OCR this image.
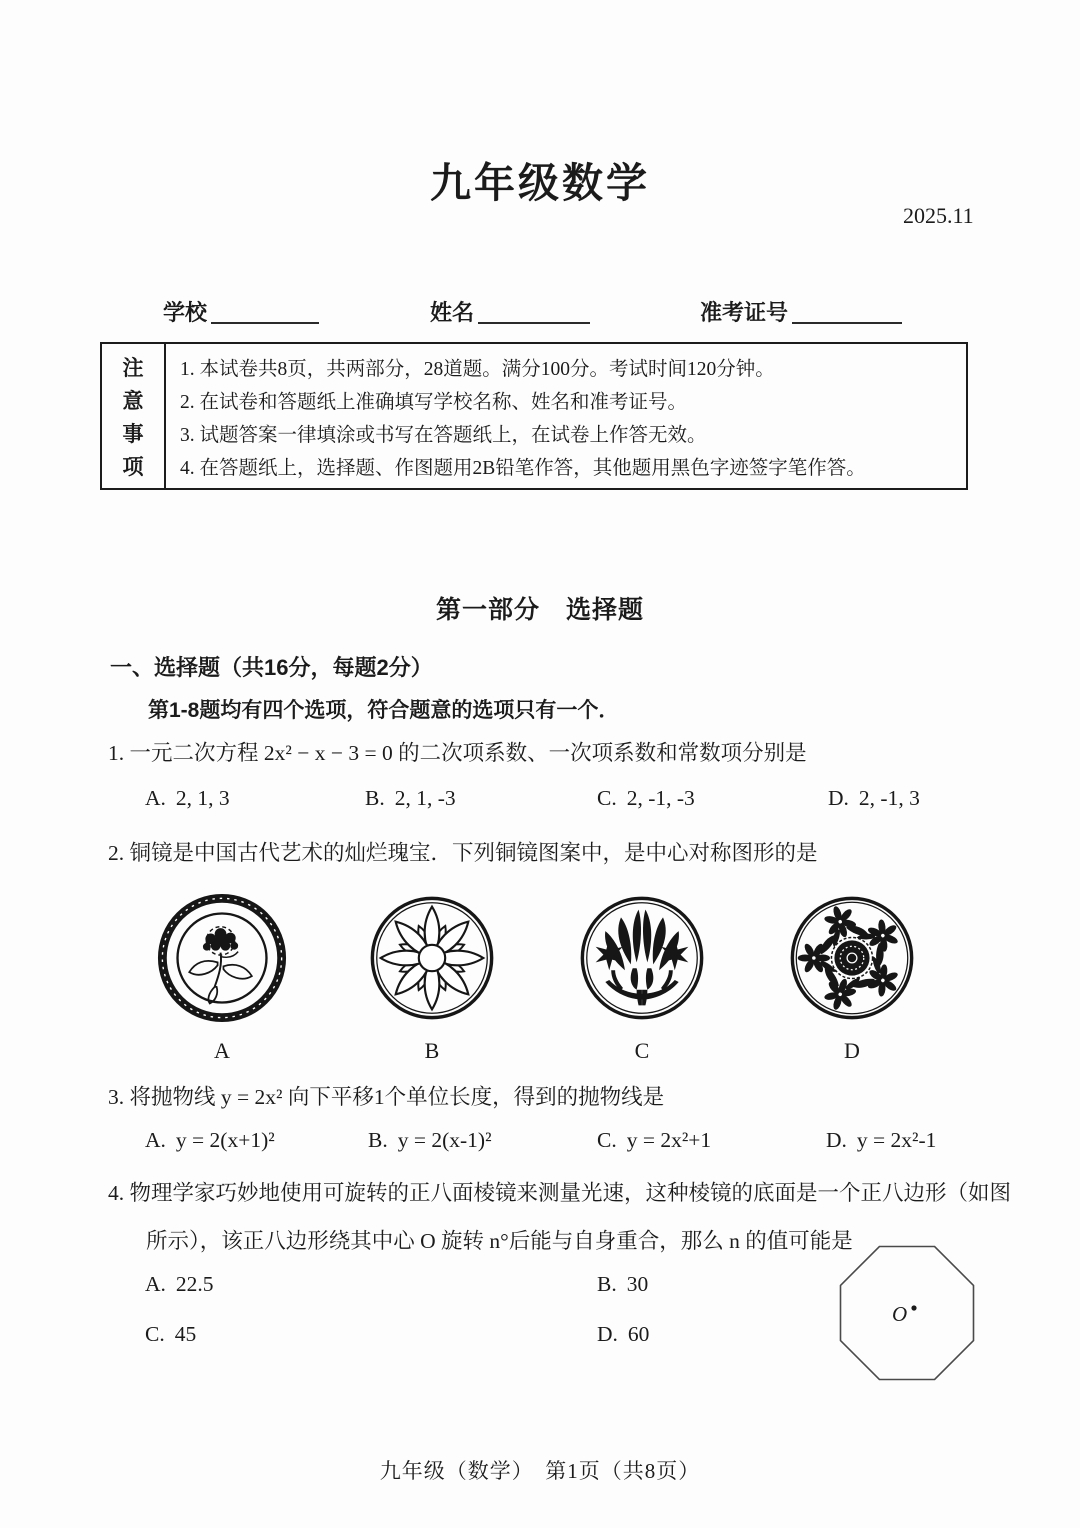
九年级数学
2025.11
学校	姓名	准考证号
注
意
事
项
1. 本试卷共8页，共两部分，28道题。满分100分。考试时间120分钟。
2. 在试卷和答题纸上准确填写学校名称、姓名和准考证号。
3. 试题答案一律填涂或书写在答题纸上，在试卷上作答无效。
4. 在答题纸上，选择题、作图题用2B铅笔作答，其他题用黑色字迹签字笔作答。
第一部分　选择题
一、选择题（共16分，每题2分）
第1-8题均有四个选项，符合题意的选项只有一个．
1. 一元二次方程 2x² − x − 3 = 0 的二次项系数、一次项系数和常数项分别是
A. 2, 1, 3	B. 2, 1, -3	C. 2, -1, -3	D. 2, -1, 3
2. 铜镜是中国古代艺术的灿烂瑰宝．下列铜镜图案中，是中心对称图形的是
A	B	C	D
3. 将抛物线 y = 2x² 向下平移1个单位长度，得到的抛物线是
A. y = 2(x+1)²	B. y = 2(x-1)²	C. y = 2x²+1	D. y = 2x²-1
4. 物理学家巧妙地使用可旋转的正八面棱镜来测量光速，这种棱镜的底面是一个正八边形（如图
所示），该正八边形绕其中心 O 旋转 n°后能与自身重合，那么 n 的值可能是
A. 22.5	B. 30
C. 45	D. 60
O
九年级（数学）　第1页（共8页）
